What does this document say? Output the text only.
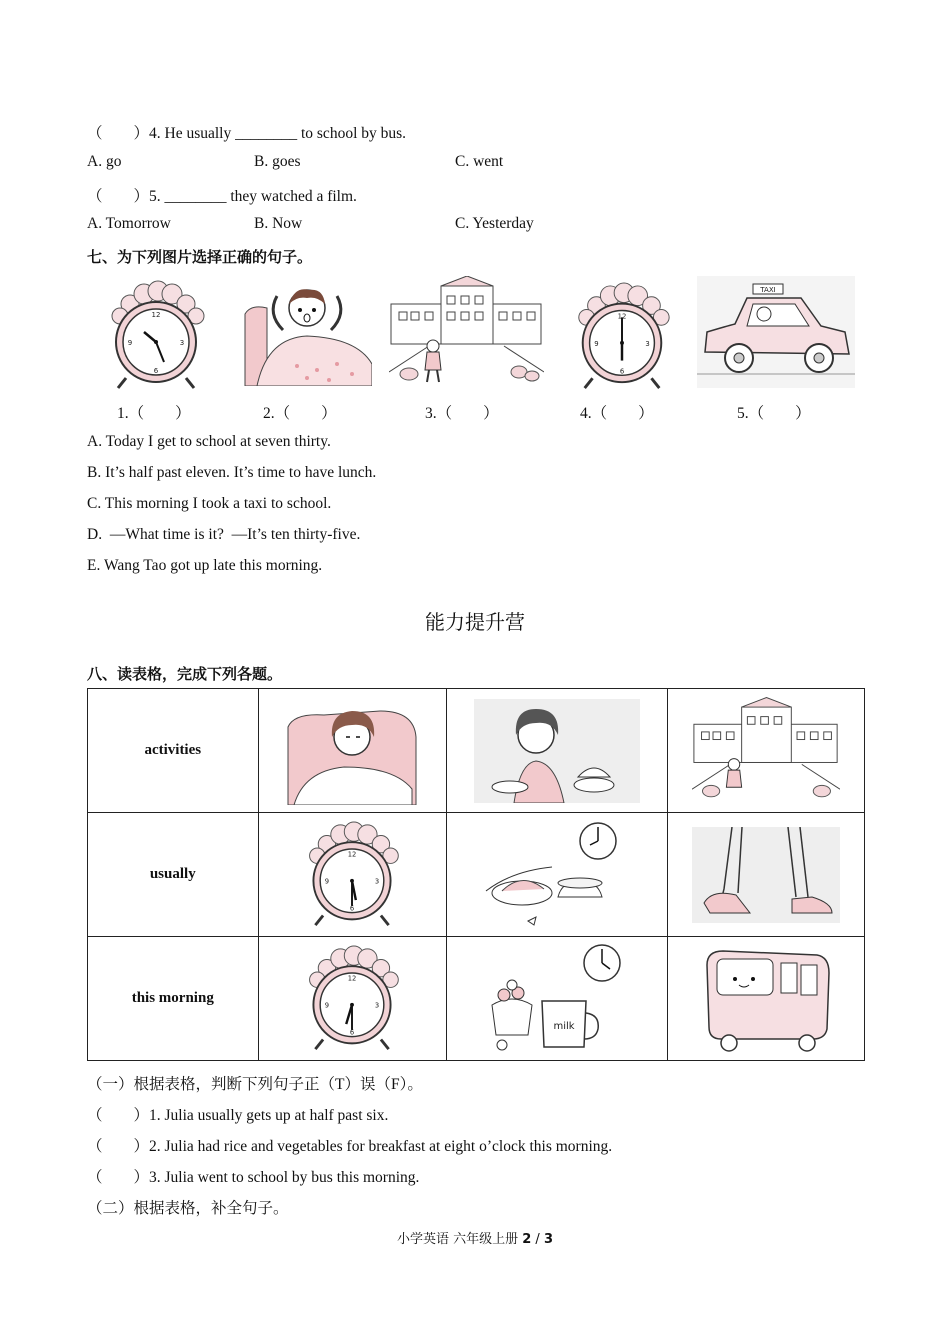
（        ）4. He usually ________ to school by bus.
A. go	B. goes	C. went
（        ）5. ________ they watched a film.
A. Tomorrow	B. Now	C. Yesterday
七、为下列图片选择正确的句子。
12
3
6
9
12
3
6
9
TAXI
1.（        ）	2.（        ）	3.（        ）	4.（        ）	5.（        ）
A. Today I get to school at seven thirty.
B. It’s half past eleven. It’s time to have lunch.
C. This morning I took a taxi to school.
D.  —What time is it?  —It’s ten thirty-five.
E. Wang Tao got up late this morning.
能力提升营
八、读表格，完成下列各题。
activities	

usually	12
3
6
9

this morning	12
3
6
9	milk

（一）根据表格，判断下列句子正（T）误（F）。
（        ）1. Julia usually gets up at half past six.
（        ）2. Julia had rice and vegetables for breakfast at eight o’clock this morning.
（        ）3. Julia went to school by bus this morning.
（二）根据表格，补全句子。
小学英语 六年级上册 2 / 3
